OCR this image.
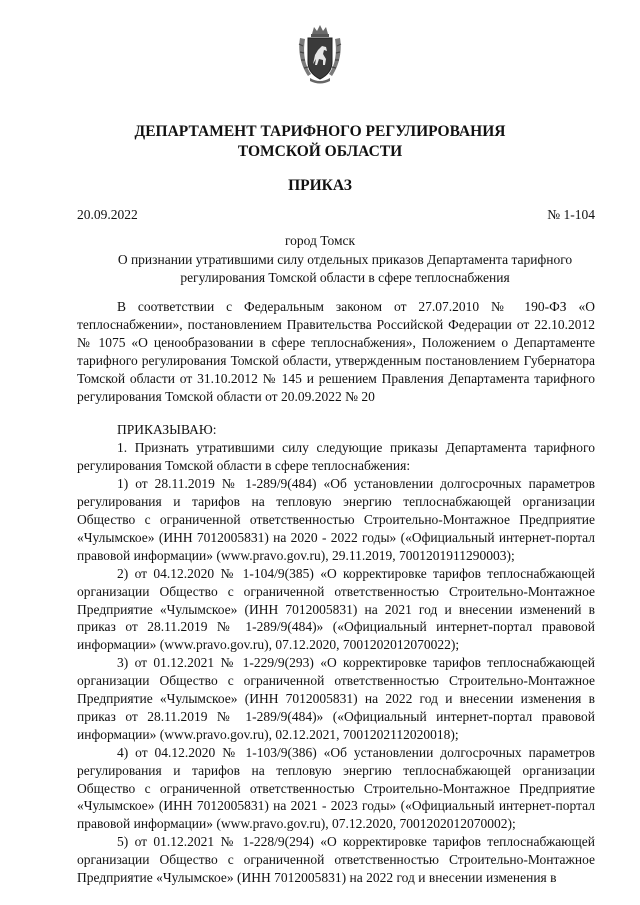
ДЕПАРТАМЕНТ ТАРИФНОГО РЕГУЛИРОВАНИЯ
ТОМСКОЙ ОБЛАСТИ
ПРИКАЗ
20.09.2022	№ 1-104
город Томск
О признании утратившими силу отдельных приказов Департамента тарифного регулирования Томской области в сфере теплоснабжения

В соответствии с Федеральным законом от 27.07.2010 № 190-ФЗ «О теплоснабжении», постановлением Правительства Российской Федерации от 22.10.2012 № 1075 «О ценообразовании в сфере теплоснабжения», Положением о Департаменте тарифного регулирования Томской области, утвержденным постановлением Губернатора Томской области от 31.10.2012 № 145 и решением Правления Департамента тарифного регулирования Томской области от 20.09.2022 № 20

ПРИКАЗЫВАЮ:

1. Признать утратившими силу следующие приказы Департамента тарифного регулирования Томской области в сфере теплоснабжения:

1) от 28.11.2019 № 1-289/9(484) «Об установлении долгосрочных параметров регулирования и тарифов на тепловую энергию теплоснабжающей организации Общество с ограниченной ответственностью Строительно-Монтажное Предприятие «Чулымское» (ИНН 7012005831) на 2020 - 2022 годы» («Официальный интернет-портал правовой информации» (www.pravo.gov.ru), 29.11.2019, 7001201911290003);

2) от 04.12.2020 № 1-104/9(385) «О корректировке тарифов теплоснабжающей организации Общество с ограниченной ответственностью Строительно-Монтажное Предприятие «Чулымское» (ИНН 7012005831) на 2021 год и внесении изменений в приказ от 28.11.2019 № 1-289/9(484)» («Официальный интернет-портал правовой информации» (www.pravo.gov.ru), 07.12.2020, 7001202012070022);

3) от 01.12.2021 № 1-229/9(293) «О корректировке тарифов теплоснабжающей организации Общество с ограниченной ответственностью Строительно-Монтажное Предприятие «Чулымское» (ИНН 7012005831) на 2022 год и внесении изменения в приказ от 28.11.2019 № 1-289/9(484)» («Официальный интернет-портал правовой информации» (www.pravo.gov.ru), 02.12.2021, 7001202112020018);

4) от 04.12.2020 № 1-103/9(386) «Об установлении долгосрочных параметров регулирования и тарифов на тепловую энергию теплоснабжающей организации Общество с ограниченной ответственностью Строительно-Монтажное Предприятие «Чулымское» (ИНН 7012005831) на 2021 - 2023 годы» («Официальный интернет-портал правовой информации» (www.pravo.gov.ru), 07.12.2020, 7001202012070002);

5) от 01.12.2021 № 1-228/9(294) «О корректировке тарифов теплоснабжающей организации Общество с ограниченной ответственностью Строительно-Монтажное Предприятие «Чулымское» (ИНН 7012005831) на 2022 год и внесении изменения в
